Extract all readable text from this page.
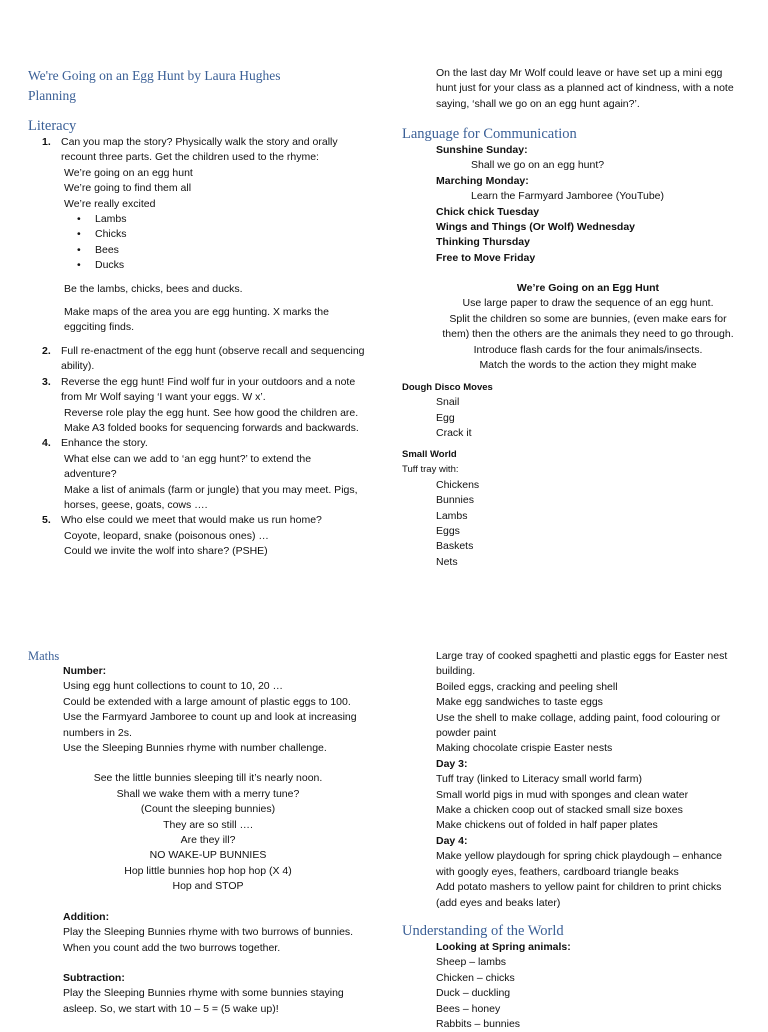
We're Going on an Egg Hunt by Laura Hughes
Planning
Literacy
1. Can you map the story? Physically walk the story and orally
recount three parts. Get the children used to the rhyme:
We’re going on an egg hunt
We’re going to find them all
We’re really excited
• Lambs
• Chicks
• Bees
• Ducks
Be the lambs, chicks, bees and ducks.
Make maps of the area you are egg hunting. X marks the
eggciting finds.
2. Full re-enactment of the egg hunt (observe recall and sequencing
ability).
3. Reverse the egg hunt! Find wolf fur in your outdoors and a note
from Mr Wolf saying ‘I want your eggs. W x’.
Reverse role play the egg hunt. See how good the children are.
Make A3 folded books for sequencing forwards and backwards.
4. Enhance the story.
What else can we add to ‘an egg hunt?’ to extend the
adventure?
Make a list of animals (farm or jungle) that you may meet. Pigs,
horses, geese, goats, cows ….
5. Who else could we meet that would make us run home?
Coyote, leopard, snake (poisonous ones) …
Could we invite the wolf into share? (PSHE)
On the last day Mr Wolf could leave or have set up a mini egg
hunt just for your class as a planned act of kindness, with a note
saying, ‘shall we go on an egg hunt again?’.
Language for Communication
Sunshine Sunday:
Shall we go on an egg hunt?
Marching Monday:
Learn the Farmyard Jamboree (YouTube)
Chick chick Tuesday
Wings and Things (Or Wolf) Wednesday
Thinking Thursday
Free to Move Friday
We’re Going on an Egg Hunt
Use large paper to draw the sequence of an egg hunt.
Split the children so some are bunnies, (even make ears for
them) then the others are the animals they need to go through.
Introduce flash cards for the four animals/insects.
Match the words to the action they might make
Dough Disco Moves
Snail
Egg
Crack it
Small World
Tuff tray with:
Chickens
Bunnies
Lambs
Eggs
Baskets
Nets
Maths
Number:
Using egg hunt collections to count to 10, 20 …
Could be extended with a large amount of plastic eggs to 100.
Use the Farmyard Jamboree to count up and look at increasing
numbers in 2s.
Use the Sleeping Bunnies rhyme with number challenge.
See the little bunnies sleeping till it’s nearly noon.
Shall we wake them with a merry tune?
(Count the sleeping bunnies)
They are so still ….
Are they ill?
NO WAKE-UP BUNNIES
Hop little bunnies hop hop hop (X 4)
Hop and STOP
Addition:
Play the Sleeping Bunnies rhyme with two burrows of bunnies.
When you count add the two burrows together.
Subtraction:
Play the Sleeping Bunnies rhyme with some bunnies staying
asleep. So, we start with 10 – 5 = (5 wake up)!
Large tray of cooked spaghetti and plastic eggs for Easter nest
building.
Boiled eggs, cracking and peeling shell
Make egg sandwiches to taste eggs
Use the shell to make collage, adding paint, food colouring or
powder paint
Making chocolate crispie Easter nests
Day 3:
Tuff tray (linked to Literacy small world farm)
Small world pigs in mud with sponges and clean water
Make a chicken coop out of stacked small size boxes
Make chickens out of folded in half paper plates
Day 4:
Make yellow playdough for spring chick playdough – enhance
with googly eyes, feathers, cardboard triangle beaks
Add potato mashers to yellow paint for children to print chicks
(add eyes and beaks later)
Understanding of the World
Looking at Spring animals:
Sheep – lambs
Chicken – chicks
Duck – duckling
Bees – honey
Rabbits – bunnies
